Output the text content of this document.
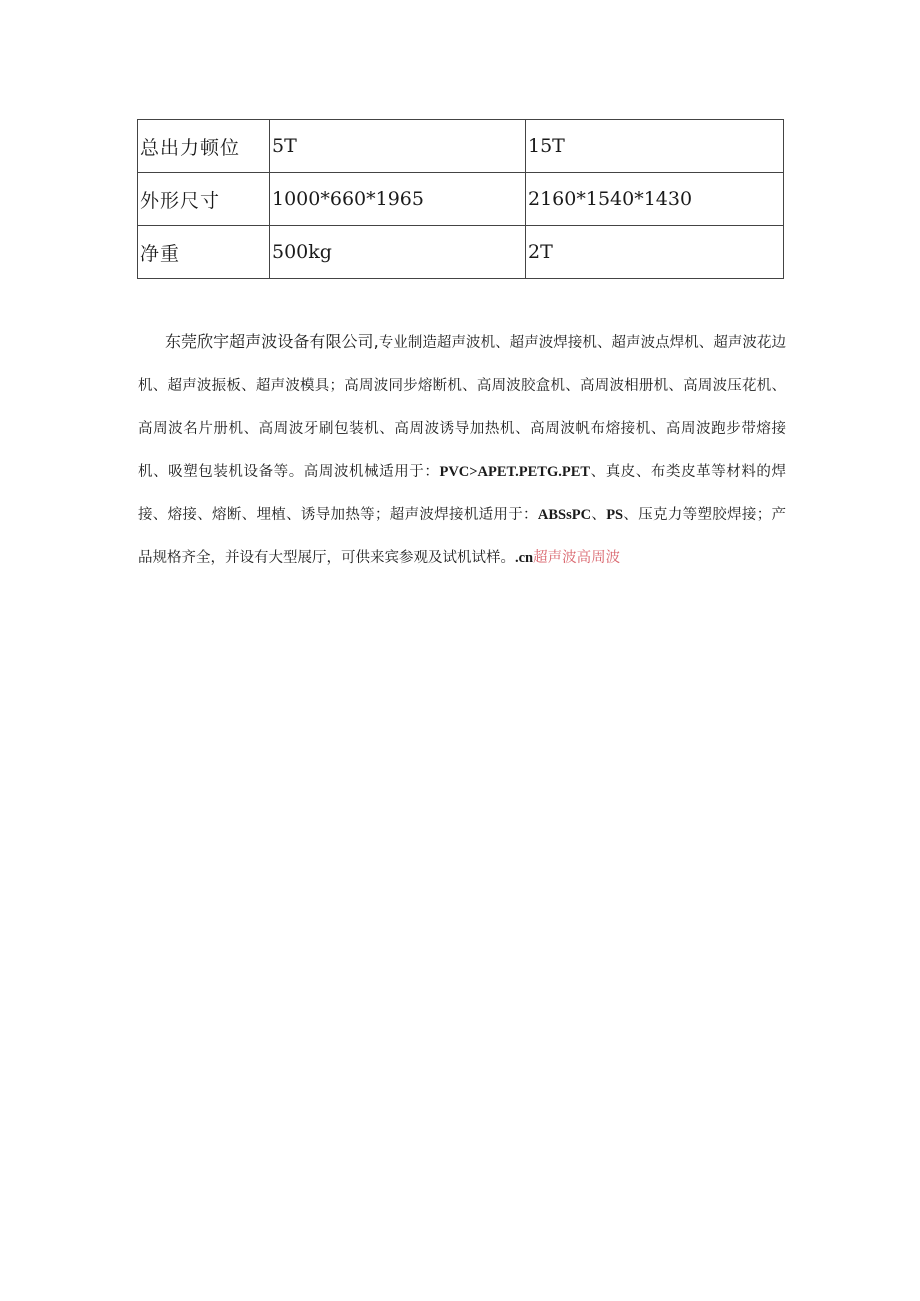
总出力顿位	5T	15T
外形尺寸	1000*660*1965	2160*1540*1430
净重	500kg	2T

东莞欣宇超声波设备有限公司,专业制造超声波机、超声波焊接机、超声波点焊机、超声波花边机、超声波振板、超声波模具；高周波同步熔断机、高周波胶盒机、高周波相册机、高周波压花机、高周波名片册机、高周波牙刷包装机、高周波诱导加热机、高周波帆布熔接机、高周波跑步带熔接机、吸塑包装机设备等。高周波机械适用于：PVC>APET.PETG.PET、真皮、布类皮革等材料的焊接、熔接、熔断、埋植、诱导加热等；超声波焊接机适用于：ABSsPC、PS、压克力等塑胶焊接；产品规格齐全，并设有大型展厅，可供来宾参观及试机试样。.cn超声波高周波
